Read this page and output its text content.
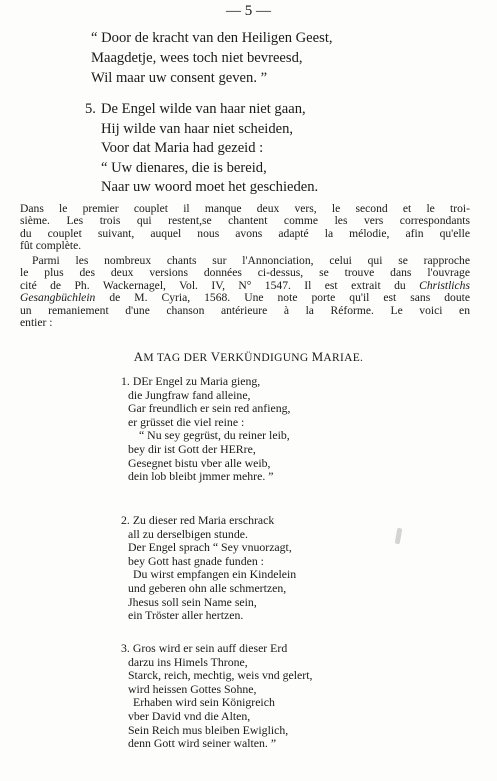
— 5 —
“ Door de kracht van den Heiligen Geest,
Maagdetje, wees toch niet bevreesd,
Wil maar uw consent geven. ”
5. De Engel wilde van haar niet gaan,
Hij wilde van haar niet scheiden,
Voor dat Maria had gezeid :
“ Uw dienares, die is bereid,
Naar uw woord moet het geschieden.
Dans le premier couplet il manque deux vers, le second et le troi-
sième. Les trois qui restent,se chantent comme les vers correspondants
du couplet suivant, auquel nous avons adapté la mélodie, afin qu'elle
fût complète.
Parmi les nombreux chants sur l'Annonciation, celui qui se rapproche
le plus des deux versions données ci-dessus, se trouve dans l'ouvrage
cité de Ph. Wackernagel, Vol. IV, N° 1547. Il est extrait du Christlichs
Gesangbüchlein de M. Cyria, 1568. Une note porte qu'il est sans doute
un remaniement d'une chanson antérieure à la Réforme. Le voici en
entier :
AM TAG DER VERKÜNDIGUNG MARIAE.
1. DEr Engel zu Maria gieng,
die Jungfraw fand alleine,
Gar freundlich er sein red anfieng,
er grüsset die viel reine :
“ Nu sey gegrüst, du reiner leib,
bey dir ist Gott der HERre,
Gesegnet bistu vber alle weib,
dein lob bleibt jmmer mehre. ”
2. Zu dieser red Maria erschrack
all zu derselbigen stunde.
Der Engel sprach “ Sey vnuorzagt,
bey Gott hast gnade funden :
Du wirst empfangen ein Kindelein
und geberen ohn alle schmertzen,
Jhesus soll sein Name sein,
ein Tröster aller hertzen.
3. Gros wird er sein auff dieser Erd
darzu ins Himels Throne,
Starck, reich, mechtig, weis vnd gelert,
wird heissen Gottes Sohne,
Erhaben wird sein Königreich
vber David vnd die Alten,
Sein Reich mus bleiben Ewiglich,
denn Gott wird seiner walten. ”
